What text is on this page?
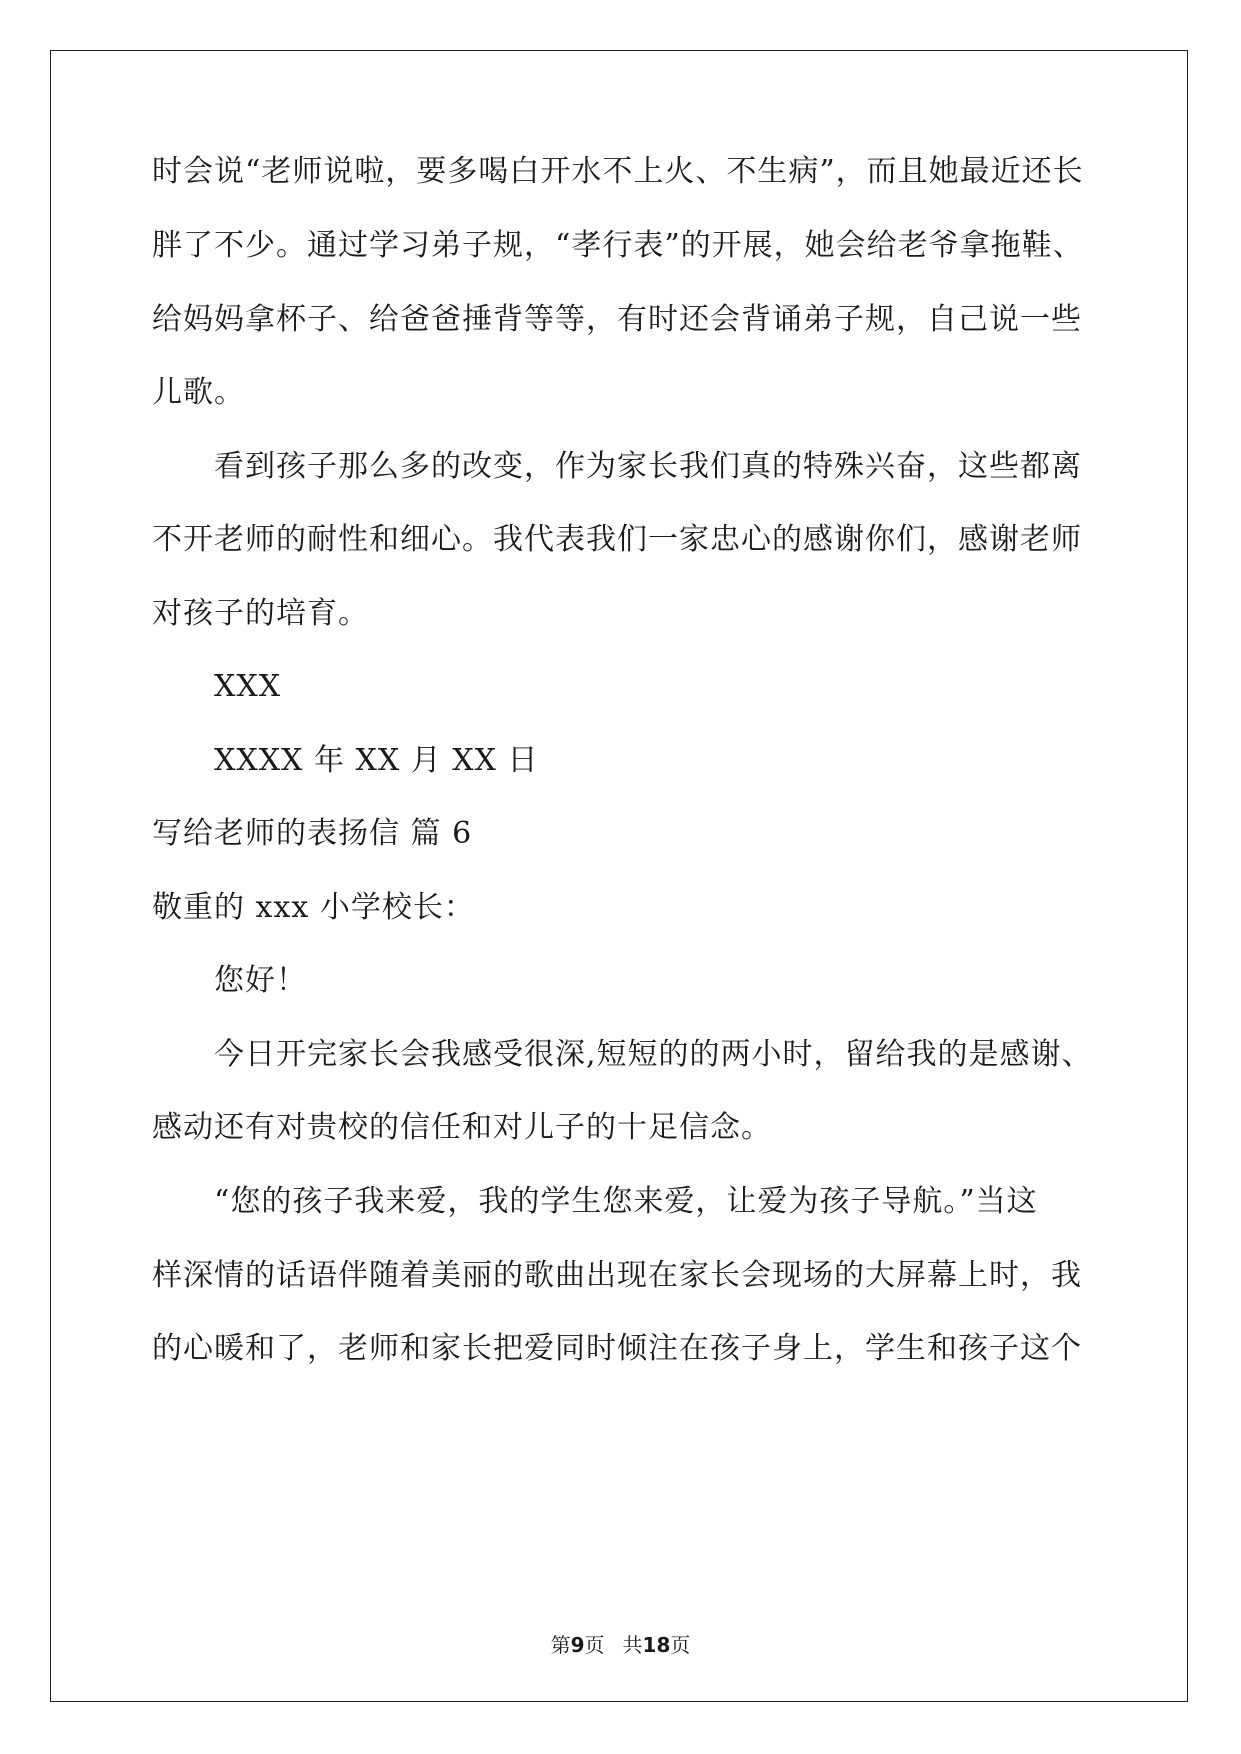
时会说“老师说啦，要多喝白开水不上火、不生病”，而且她最近还长
胖了不少。通过学习弟子规，“孝行表”的开展，她会给老爷拿拖鞋、
给妈妈拿杯子、给爸爸捶背等等，有时还会背诵弟子规，自己说一些
儿歌。
看到孩子那么多的改变，作为家长我们真的特殊兴奋，这些都离
不开老师的耐性和细心。我代表我们一家忠心的感谢你们，感谢老师
对孩子的培育。
XXX
XXXX 年 XX 月 XX 日
写给老师的表扬信 篇 6
敬重的 xxx 小学校长：
您好！
今日开完家长会我感受很深,短短的的两小时，留给我的是感谢、
感动还有对贵校的信任和对儿子的十足信念。
“您的孩子我来爱，我的学生您来爱，让爱为孩子导航。”当这
样深情的话语伴随着美丽的歌曲出现在家长会现场的大屏幕上时，我
的心暖和了，老师和家长把爱同时倾注在孩子身上，学生和孩子这个
第9页 共18页
